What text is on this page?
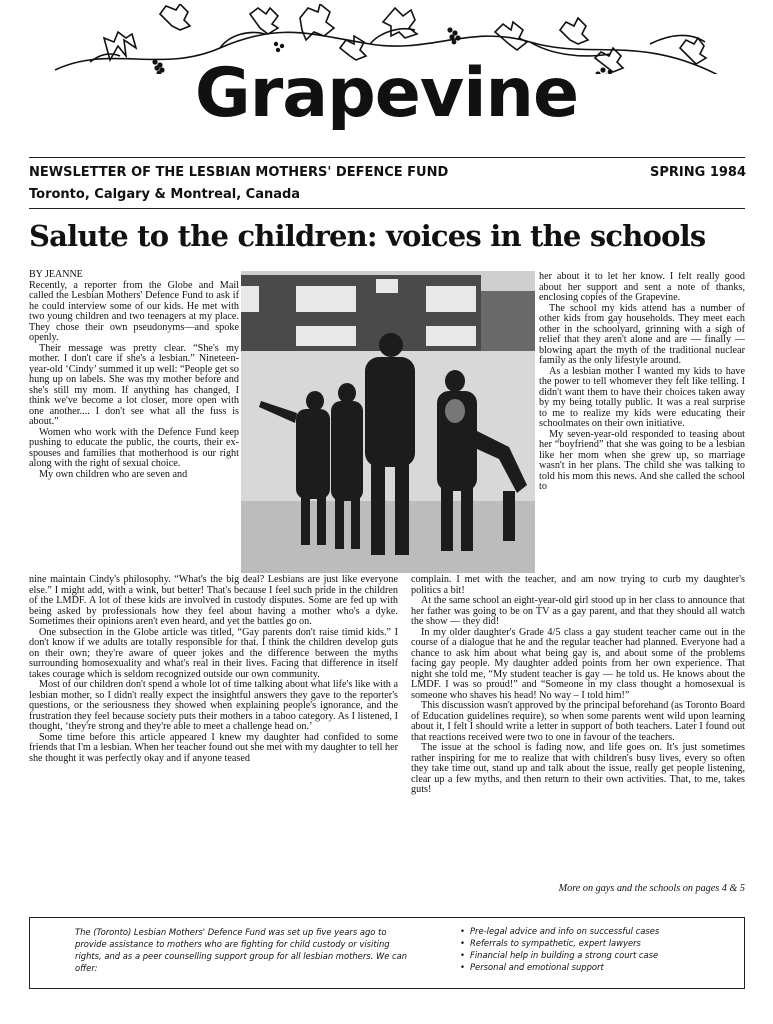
Grapevine
NEWSLETTER OF THE LESBIAN MOTHERS' DEFENCE FUND	SPRING 1984
Toronto, Calgary & Montreal, Canada
Salute to the children: voices in the schools
BY JEANNE

Recently, a reporter from the Globe and Mail called the Lesbian Mothers' Defence Fund to ask if he could interview some of our kids. He met with two young children and two teenagers at my place. They chose their own pseudonyms—and spoke openly.

Their message was pretty clear. “She's my mother. I don't care if she's a lesbian.” Nineteen-year-old ‘Cindy’ summed it up well: “People get so hung up on labels. She was my mother before and she's still my mom. If anything has changed, I think we've become a lot closer, more open with one another.... I don't see what all the fuss is about.”

Women who work with the Defence Fund keep pushing to educate the public, the courts, their ex-spouses and families that motherhood is our right along with the right of sexual choice.

My own children who are seven and

her about it to let her know. I felt really good about her support and sent a note of thanks, enclosing copies of the Grapevine.

The school my kids attend has a number of other kids from gay households. They meet each other in the schoolyard, grinning with a sigh of relief that they aren't alone and are — finally — blowing apart the myth of the traditional nuclear family as the only lifestyle around.

As a lesbian mother I wanted my kids to have the power to tell whomever they felt like telling. I didn't want them to have their choices taken away by my being totally public. It was a real surprise to me to realize my kids were educating their schoolmates on their own initiative.

My seven-year-old responded to teasing about her “boyfriend” that she was going to be a lesbian like her mom when she grew up, so marriage wasn't in her plans. The child she was talking to told his mom this news. And she called the school to

nine maintain Cindy's philosophy. “What's the big deal? Lesbians are just like everyone else.” I might add, with a wink, but better! That's because I feel such pride in the children of the LMDF. A lot of these kids are involved in custody disputes. Some are fed up with being asked by professionals how they feel about having a mother who's a dyke. Sometimes their opinions aren't even heard, and yet the battles go on.

One subsection in the Globe article was titled, “Gay parents don't raise timid kids.” I don't know if we adults are totally responsible for that. I think the children develop guts on their own; they're aware of queer jokes and the difference between the myths surrounding homosexuality and what's real in their lives. Facing that difference in itself takes courage which is seldom recognized outside our own community.

Most of our children don't spend a whole lot of time talking about what life's like with a lesbian mother, so I didn't really expect the insightful answers they gave to the reporter's questions, or the seriousness they showed when explaining people's ignorance, and the frustration they feel because society puts their mothers in a taboo category. As I listened, I thought, ‘they're strong and they're able to meet a challenge head on.’

Some time before this article appeared I knew my daughter had confided to some friends that I'm a lesbian. When her teacher found out she met with my daughter to tell her she thought it was perfectly okay and if anyone teased

complain. I met with the teacher, and am now trying to curb my daughter's politics a bit!

At the same school an eight-year-old girl stood up in her class to announce that her father was going to be on TV as a gay parent, and that they should all watch the show — they did!

In my older daughter's Grade 4/5 class a gay student teacher came out in the course of a dialogue that he and the regular teacher had planned. Everyone had a chance to ask him about what being gay is, and about some of the problems facing gay people. My daughter added points from her own experience. That night she told me, “My student teacher is gay — he told us. He knows about the LMDF. I was so proud!” and “Someone in my class thought a homosexual is someone who shaves his head! No way – I told him!”

This discussion wasn't approved by the principal beforehand (as Toronto Board of Education guidelines require), so when some parents went wild upon learning about it, I felt I should write a letter in support of both teachers. Later I found out that reactions received were two to one in favour of the teachers.

The issue at the school is fading now, and life goes on. It's just sometimes rather inspiring for me to realize that with children's busy lives, every so often they take time out, stand up and talk about the issue, really get people listening, clear up a few myths, and then return to their own activities. That, to me, takes guts!

More on gays and the schools on pages 4 & 5
The (Toronto) Lesbian Mothers' Defence Fund was set up five years ago to provide assistance to mothers who are fighting for child custody or visiting rights, and as a peer counselling support group for all lesbian mothers. We can offer:
• Pre-legal advice and info on successful cases
• Referrals to sympathetic, expert lawyers
• Financial help in building a strong court case
• Personal and emotional support
